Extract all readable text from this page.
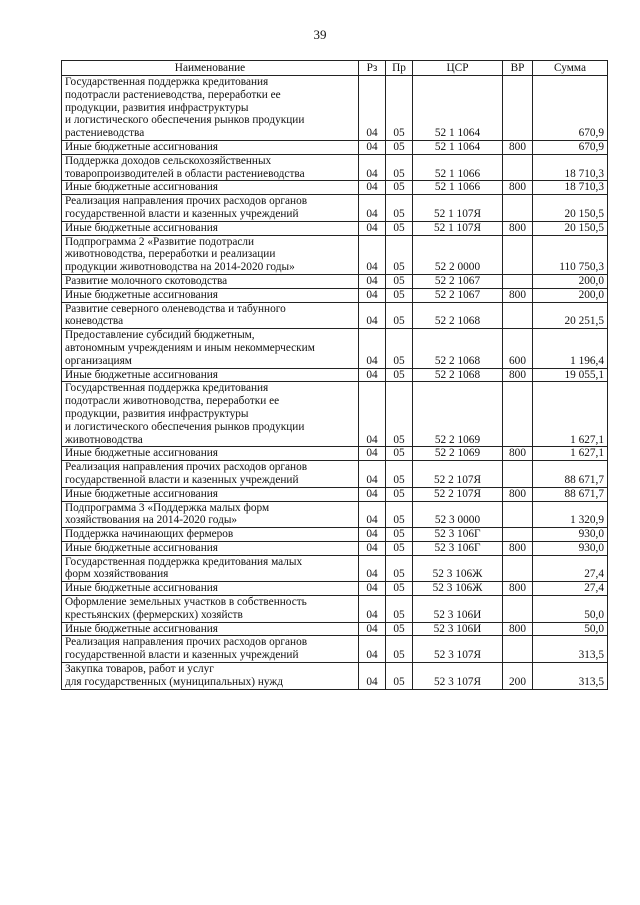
39
Наименование	Рз	Пр	ЦСР	ВР	Сумма
Государственная поддержка кредитования
подотрасли растениеводства, переработки ее
продукции, развития инфраструктуры
и логистического обеспечения рынков продукции
растениеводства	04	05	52 1 1064		670,9
Иные бюджетные ассигнования	04	05	52 1 1064	800	670,9
Поддержка доходов сельскохозяйственных
товаропроизводителей в области растениеводства	04	05	52 1 1066		18 710,3
Иные бюджетные ассигнования	04	05	52 1 1066	800	18 710,3
Реализация направления прочих расходов органов
государственной власти и казенных учреждений	04	05	52 1 107Я		20 150,5
Иные бюджетные ассигнования	04	05	52 1 107Я	800	20 150,5
Подпрограмма 2 «Развитие подотрасли
животноводства, переработки и реализации
продукции животноводства на 2014-2020 годы»	04	05	52 2 0000		110 750,3
Развитие молочного скотоводства	04	05	52 2 1067		200,0
Иные бюджетные ассигнования	04	05	52 2 1067	800	200,0
Развитие северного оленеводства и табунного
коневодства	04	05	52 2 1068		20 251,5
Предоставление субсидий бюджетным,
автономным учреждениям и иным некоммерческим
организациям	04	05	52 2 1068	600	1 196,4
Иные бюджетные ассигнования	04	05	52 2 1068	800	19 055,1
Государственная поддержка кредитования
подотрасли животноводства, переработки ее
продукции, развития инфраструктуры
и логистического обеспечения рынков продукции
животноводства	04	05	52 2 1069		1 627,1
Иные бюджетные ассигнования	04	05	52 2 1069	800	1 627,1
Реализация направления прочих расходов органов
государственной власти и казенных учреждений	04	05	52 2 107Я		88 671,7
Иные бюджетные ассигнования	04	05	52 2 107Я	800	88 671,7
Подпрограмма 3 «Поддержка малых форм
хозяйствования на 2014-2020 годы»	04	05	52 3 0000		1 320,9
Поддержка начинающих фермеров	04	05	52 3 106Г		930,0
Иные бюджетные ассигнования	04	05	52 3 106Г	800	930,0
Государственная поддержка кредитования малых
форм хозяйствования	04	05	52 3 106Ж		27,4
Иные бюджетные ассигнования	04	05	52 3 106Ж	800	27,4
Оформление земельных участков в собственность
крестьянских (фермерских) хозяйств	04	05	52 3 106И		50,0
Иные бюджетные ассигнования	04	05	52 3 106И	800	50,0
Реализация направления прочих расходов органов
государственной власти и казенных учреждений	04	05	52 3 107Я		313,5
Закупка товаров, работ и услуг
для государственных (муниципальных) нужд	04	05	52 3 107Я	200	313,5
